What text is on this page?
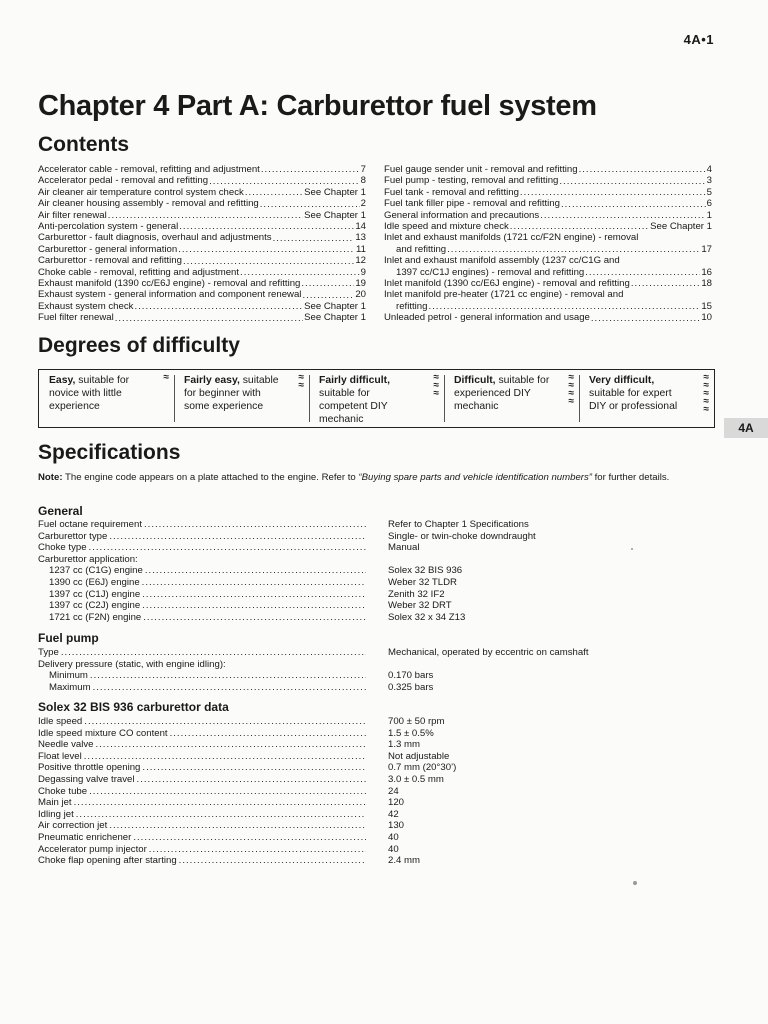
4A•1
Chapter 4 Part A: Carburettor fuel system
Contents
Accelerator cable - removal, refitting and adjustment .....	7
Accelerator pedal - removal and refitting .....	8
Air cleaner air temperature control system check .....	See Chapter 1
Air cleaner housing assembly - removal and refitting .....	2
Air filter renewal .....	See Chapter 1
Anti-percolation system - general .....	14
Carburettor - fault diagnosis, overhaul and adjustments .....	13
Carburettor - general information .....	11
Carburettor - removal and refitting .....	12
Choke cable - removal, refitting and adjustment .....	9
Exhaust manifold (1390 cc/E6J engine) - removal and refitting .....	19
Exhaust system - general information and component renewal .....	20
Exhaust system check .....	See Chapter 1
Fuel filter renewal .....	See Chapter 1
Fuel gauge sender unit - removal and refitting .....	4
Fuel pump - testing, removal and refitting .....	3
Fuel tank - removal and refitting .....	5
Fuel tank filler pipe - removal and refitting .....	6
General information and precautions .....	1
Idle speed and mixture check .....	See Chapter 1
Inlet and exhaust manifolds (1721 cc/F2N engine) - removal
and refitting .....	17
Inlet and exhaust manifold assembly (1237 cc/C1G and
1397 cc/C1J engines) - removal and refitting .....	16
Inlet manifold (1390 cc/E6J engine) - removal and refitting .....	18
Inlet manifold pre-heater (1721 cc engine) - removal and
refitting .....	15
Unleaded petrol - general information and usage .....	10
Degrees of difficulty
Easy, suitable for novice with little experience
≈ Fairly easy, suitable for beginner with some experience
≈
≈ Fairly difficult, suitable for competent DIY mechanic
≈
≈
≈
Difficult, suitable for experienced DIY mechanic
≈
≈
≈
≈
Very difficult, suitable for expert DIY or professional
≈
≈
≈
≈
≈
4A
Specifications
Note: The engine code appears on a plate attached to the engine. Refer to “Buying spare parts and vehicle identification numbers” for further details.
General
Fuel octane requirement .....	Refer to Chapter 1 Specifications
Carburettor type .....	Single- or twin-choke downdraught
Choke type .....	Manual
Carburettor application:
1237 cc (C1G) engine .....	Solex 32 BIS 936
1390 cc (E6J) engine .....	Weber 32 TLDR
1397 cc (C1J) engine .....	Zenith 32 IF2
1397 cc (C2J) engine .....	Weber 32 DRT
1721 cc (F2N) engine .....	Solex 32 x 34 Z13
Fuel pump
Type .....	Mechanical, operated by eccentric on camshaft
Delivery pressure (static, with engine idling):
Minimum .....	0.170 bars
Maximum .....	0.325 bars
Solex 32 BIS 936 carburettor data
Idle speed .....	700 ± 50 rpm
Idle speed mixture CO content .....	1.5 ± 0.5%
Needle valve .....	1.3 mm
Float level .....	Not adjustable
Positive throttle opening .....	0.7 mm (20°30’)
Degassing valve travel .....	3.0 ± 0.5 mm
Choke tube .....	24
Main jet .....	120
Idling jet .....	42
Air correction jet .....	130
Pneumatic enrichener .....	40
Accelerator pump injector .....	40
Choke flap opening after starting .....	2.4 mm
